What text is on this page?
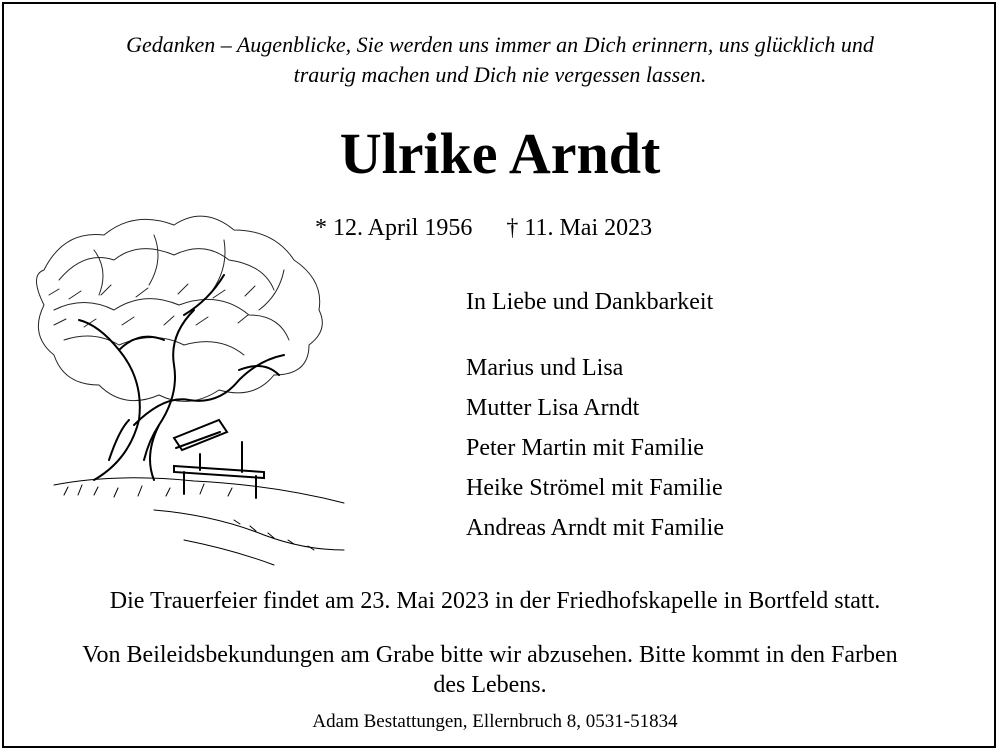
Gedanken – Augenblicke, Sie werden uns immer an Dich erinnern, uns glücklich und
traurig machen und Dich nie vergessen lassen.
Ulrike Arndt
* 12. April 1956 † 11. Mai 2023
In Liebe und Dankbarkeit
Marius und Lisa
Mutter Lisa Arndt
Peter Martin mit Familie
Heike Strömel mit Familie
Andreas Arndt mit Familie
Die Trauerfeier findet am 23. Mai 2023 in der Friedhofskapelle in Bortfeld statt.
Von Beileidsbekundungen am Grabe bitte wir abzusehen. Bitte kommt in den Farben des Lebens.
Adam Bestattungen, Ellernbruch 8, 0531-51834
